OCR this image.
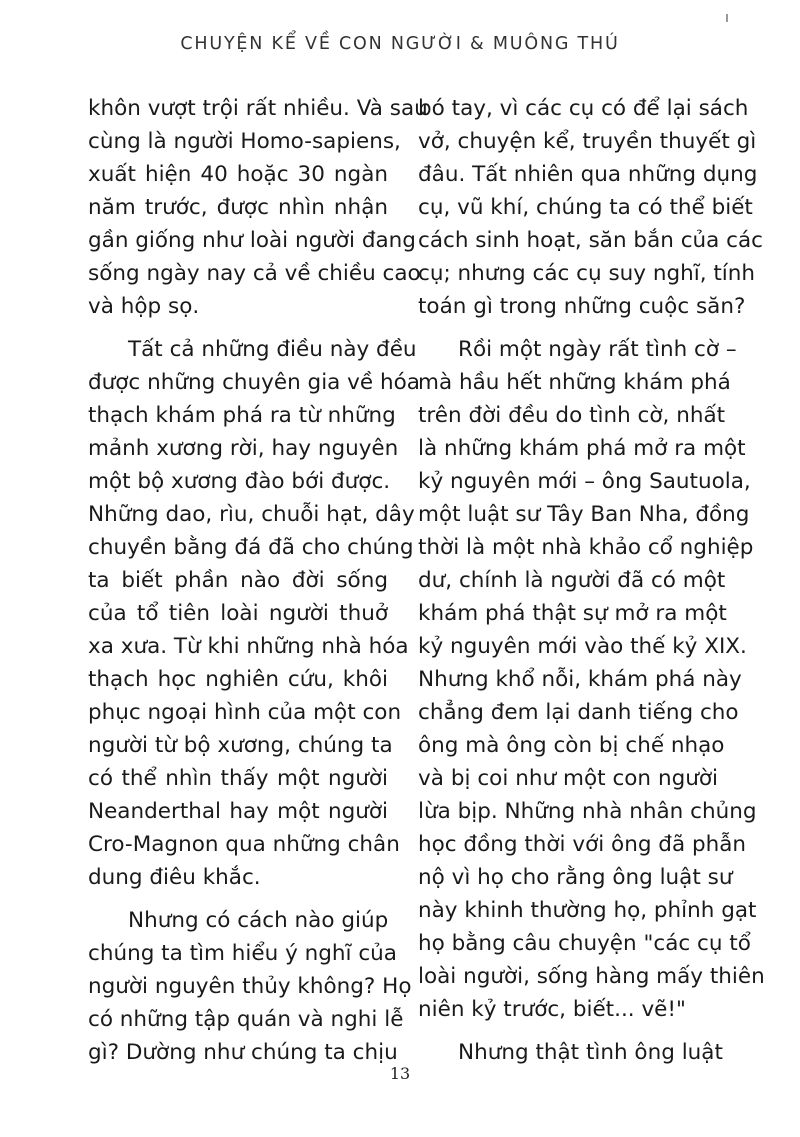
CHUYỆN KỂ VỀ CON NGƯỜI & MUÔNG THÚ
khôn vượt trội rất nhiều. Và sau
cùng là người Homo-sapiens,
xuất hiện 40 hoặc 30 ngàn
năm trước, được nhìn nhận
gần giống như loài người đang
sống ngày nay cả về chiều cao
và hộp sọ.
Tất cả những điều này đều
được những chuyên gia về hóa
thạch khám phá ra từ những
mảnh xương rời, hay nguyên
một bộ xương đào bới được.
Những dao, rìu, chuỗi hạt, dây
chuyền bằng đá đã cho chúng
ta biết phần nào đời sống
của tổ tiên loài người thuở
xa xưa. Từ khi những nhà hóa
thạch học nghiên cứu, khôi
phục ngoại hình của một con
người từ bộ xương, chúng ta
có thể nhìn thấy một người
Neanderthal hay một người
Cro-Magnon qua những chân
dung điêu khắc.
Nhưng có cách nào giúp
chúng ta tìm hiểu ý nghĩ của
người nguyên thủy không? Họ
có những tập quán và nghi lễ
gì? Dường như chúng ta chịu
bó tay, vì các cụ có để lại sách
vở, chuyện kể, truyền thuyết gì
đâu. Tất nhiên qua những dụng
cụ, vũ khí, chúng ta có thể biết
cách sinh hoạt, săn bắn của các
cụ; nhưng các cụ suy nghĩ, tính
toán gì trong những cuộc săn?
Rồi một ngày rất tình cờ –
mà hầu hết những khám phá
trên đời đều do tình cờ, nhất
là những khám phá mở ra một
kỷ nguyên mới – ông Sautuola,
một luật sư Tây Ban Nha, đồng
thời là một nhà khảo cổ nghiệp
dư, chính là người đã có một
khám phá thật sự mở ra một
kỷ nguyên mới vào thế kỷ XIX.
Nhưng khổ nỗi, khám phá này
chẳng đem lại danh tiếng cho
ông mà ông còn bị chế nhạo
và bị coi như một con người
lừa bịp. Những nhà nhân chủng
học đồng thời với ông đã phẫn
nộ vì họ cho rằng ông luật sư
này khinh thường họ, phỉnh gạt
họ bằng câu chuyện "các cụ tổ
loài người, sống hàng mấy thiên
niên kỷ trước, biết... vẽ!"
Nhưng thật tình ông luật
13
